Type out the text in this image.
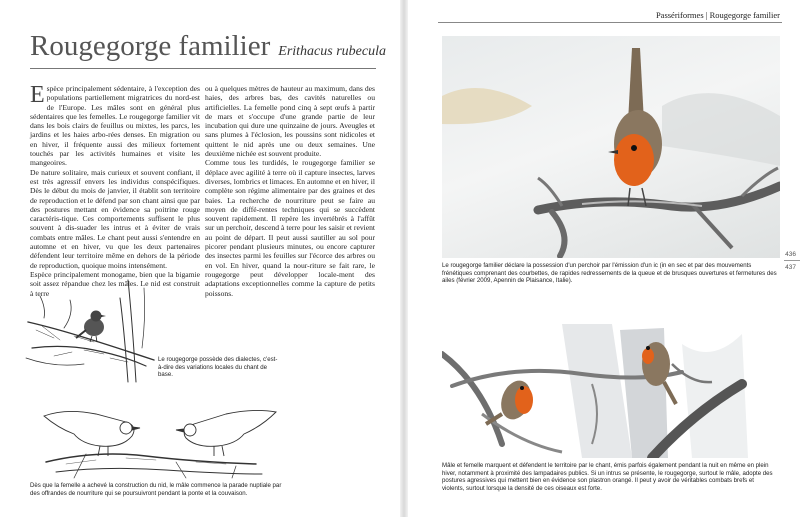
Rougegorge familier Erithacus rubecula

Espèce principalement sédentaire, à l'exception des populations partiellement migratrices du nord-est de l'Europe. Les mâles sont en général plus sédentaires que les femelles. Le rougegorge familier vit dans les bois clairs de feuillus ou mixtes, les parcs, les jardins et les haies arbo-rées denses. En migration ou en hiver, il fréquente aussi des milieux fortement touchés par les activités humaines et visite les mangeoires.

De nature solitaire, mais curieux et souvent confiant, il est très agressif envers les individus conspécifiques. Dès le début du mois de janvier, il établit son territoire de reproduction et le défend par son chant ainsi que par des postures mettant en évidence sa poitrine rouge caractéris-tique. Ces comportements suffisent le plus souvent à dis-suader les intrus et à éviter de vrais combats entre mâles. Le chant peut aussi s'entendre en automne et en hiver, vu que les deux partenaires défendent leur territoire même en dehors de la période de reproduction, quoique moins intensément.

Espèce principalement monogame, bien que la bigamie soit assez répandue chez les mâles. Le nid est construit à terre

ou à quelques mètres de hauteur au maximum, dans des haies, des arbres bas, des cavités naturelles ou artificielles. La femelle pond cinq à sept œufs à partir de mars et s'occupe d'une grande partie de leur incubation qui dure une quinzaine de jours. Aveugles et sans plumes à l'éclosion, les poussins sont nidicoles et quittent le nid après une ou deux semaines. Une deuxième nichée est souvent produite.

Comme tous les turdidés, le rougegorge familier se déplace avec agilité à terre où il capture insectes, larves diverses, lombrics et limaces. En automne et en hiver, il complète son régime alimentaire par des graines et des baies. La recherche de nourriture peut se faire au moyen de diffé-rentes techniques qui se succèdent souvent rapidement. Il repère les invertébrés à l'affût sur un perchoir, descend à terre pour les saisir et revient au point de départ. Il peut aussi sautiller au sol pour picorer pendant plusieurs minutes, ou encore capturer des insectes parmi les feuilles sur l'écorce des arbres ou en vol. En hiver, quand la nour-riture se fait rare, le rougegorge peut développer locale-ment des adaptations exceptionnelles comme la capture de petits poissons.

Le rougegorge possède des dialectes, c'est-à-dire des variations locales du chant de base.
Dès que la femelle a achevé la construction du nid, le mâle commence la parade nuptiale par des offrandes de nourriture qui se poursuivront pendant la ponte et la couvaison.
Passériformes | Rougegorge familier
436
437
Le rougegorge familier déclare la possession d'un perchoir par l'émission d'un ic (in en sec et par des mouvements frénétiques comprenant des courbettes, de rapides redressements de la queue et de brusques ouvertures et fermetures des ailes (février 2009, Apennin de Plaisance, Italie).
Mâle et femelle marquent et défendent le territoire par le chant, émis parfois également pendant la nuit en même en plein hiver, notamment à proximité des lampadaires publics. Si un intrus se présente, le rougegorge, surtout le mâle, adopte des postures agressives qui mettent bien en évidence son plastron orangé. Il peut y avoir de véritables combats brefs et violents, surtout lorsque la densité de ces oiseaux est forte.
